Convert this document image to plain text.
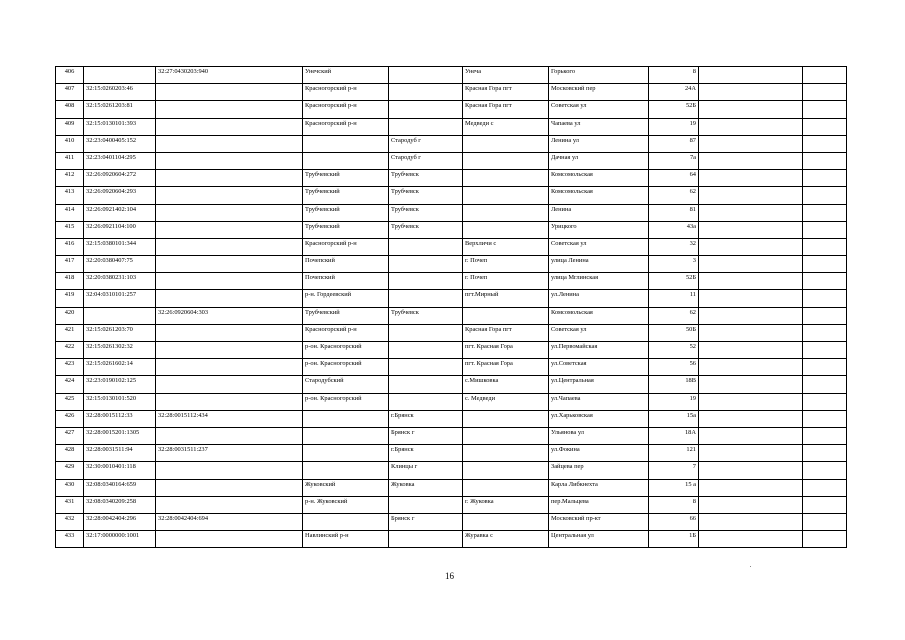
406		32:27:0430203:940	Унечский		Унеча	Горького	8		
407	32:15:0260203:46		Красногорский р-н		Красная Гора пгт	Московский пер	24А		
408	32:15:0261203:81		Красногорский р-н		Красная Гора пгт	Советская ул	52Б		
409	32:15:0130101:393		Красногорский р-н		Медведи с	Чапаева ул	19		
410	32:23:0400405:152			Стародуб г		Ленина ул	87		
411	32:23:0401104:295			Стародуб г		Дачная ул	7а		
412	32:26:0920604:272		Трубчевский	Трубчевск		Комсомольская	64		
413	32:26:0920604:293		Трубчевский	Трубчевск		Комсомольская	62		
414	32:26:0921402:104		Трубчевский	Трубчевск		Ленина	81		
415	32:26:0921104:100		Трубчевский	Трубчевск		Урицкого	43а		
416	32:15:0380101:344		Красногорский р-н		Верхличи с	Советская ул	32		
417	32:20:0380407:75		Почепский		г. Почеп	улица Ленина	3		
418	32:20:0380231:103		Почепский		г. Почеп	улица Мглинская	52Б		
419	32:04:0310101:257		р-н. Гордеевский		пгт.Мирный	ул.Ленина	11		
420		32:26:0920604:303	Трубчевский	Трубчевск		Комсомольская	62		
421	32:15:0261203:70		Красногорский р-н		Красная Гора пгт	Советская ул	50Б		
422	32:15:0261302:32		р-он. Красногорский		пгт. Красная Гора	ул.Первомайская	52		
423	32:15:0261602:14		р-он. Красногорский		пгт. Красная Гора	ул.Советская	56		
424	32:23:0190102:125		Стародубский		с.Мишковка	ул.Центральная	18В		
425	32:15:0130101:520		р-он. Красногорский		с. Медведи	ул.Чапаева	19		
426	32:28:0015112:33	32:28:0015112:434		г.Брянск		ул.Харьковская	15а		
427	32:28:0015201:1305			Брянск г		Ульянова ул	18А		
428	32:28:0031511:94	32:28:0031511:237		г.Брянск		ул.Фокина	121		
429	32:30:0010401:118			Клинцы г		Зайцева пер	7		
430	32:08:0340164:659		Жуковский	Жуковка		Карла Либкнехта	15 а		
431	32:08:0340209:258		р-н. Жуковский		г. Жуковка	пер.Мальцева	8		
432	32:28:0042404:296	32:28:0042404:694		Брянск г		Московский пр-кт	66		
433	32:17:0000000:1001		Навлинский р-н		Журавка с	Центральная ул	1Б		
16
